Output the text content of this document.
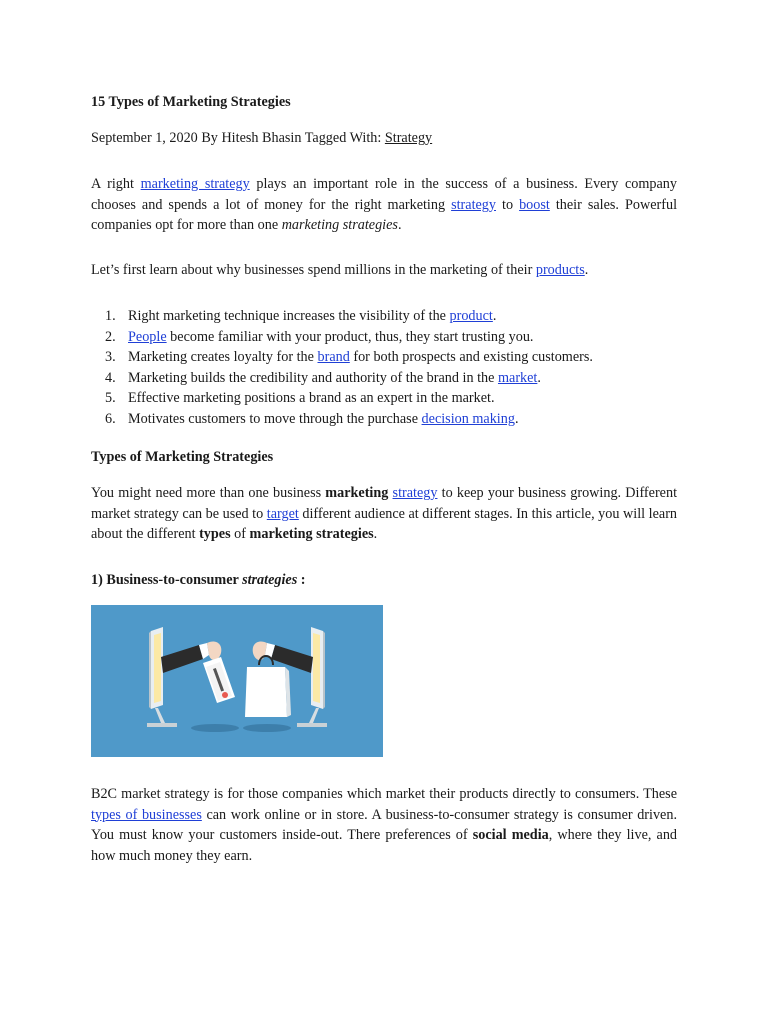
15 Types of Marketing Strategies

September 1, 2020 By Hitesh Bhasin Tagged With: Strategy

A right marketing strategy plays an important role in the success of a business. Every company chooses and spends a lot of money for the right marketing strategy to boost their sales. Powerful companies opt for more than one marketing strategies.

Let’s first learn about why businesses spend millions in the marketing of their products.

1. Right marketing technique increases the visibility of the product.
2. People become familiar with your product, thus, they start trusting you.
3. Marketing creates loyalty for the brand for both prospects and existing customers.
4. Marketing builds the credibility and authority of the brand in the market.
5. Effective marketing positions a brand as an expert in the market.
6. Motivates customers to move through the purchase decision making.

Types of Marketing Strategies

You might need more than one business marketing strategy to keep your business growing. Different market strategy can be used to target different audience at different stages. In this article, you will learn about the different types of marketing strategies.

1) Business-to-consumer strategies :

B2C market strategy is for those companies which market their products directly to consumers. These types of businesses can work online or in store. A business-to-consumer strategy is consumer driven. You must know your customers inside-out. There preferences of social media, where they live, and how much money they earn.
